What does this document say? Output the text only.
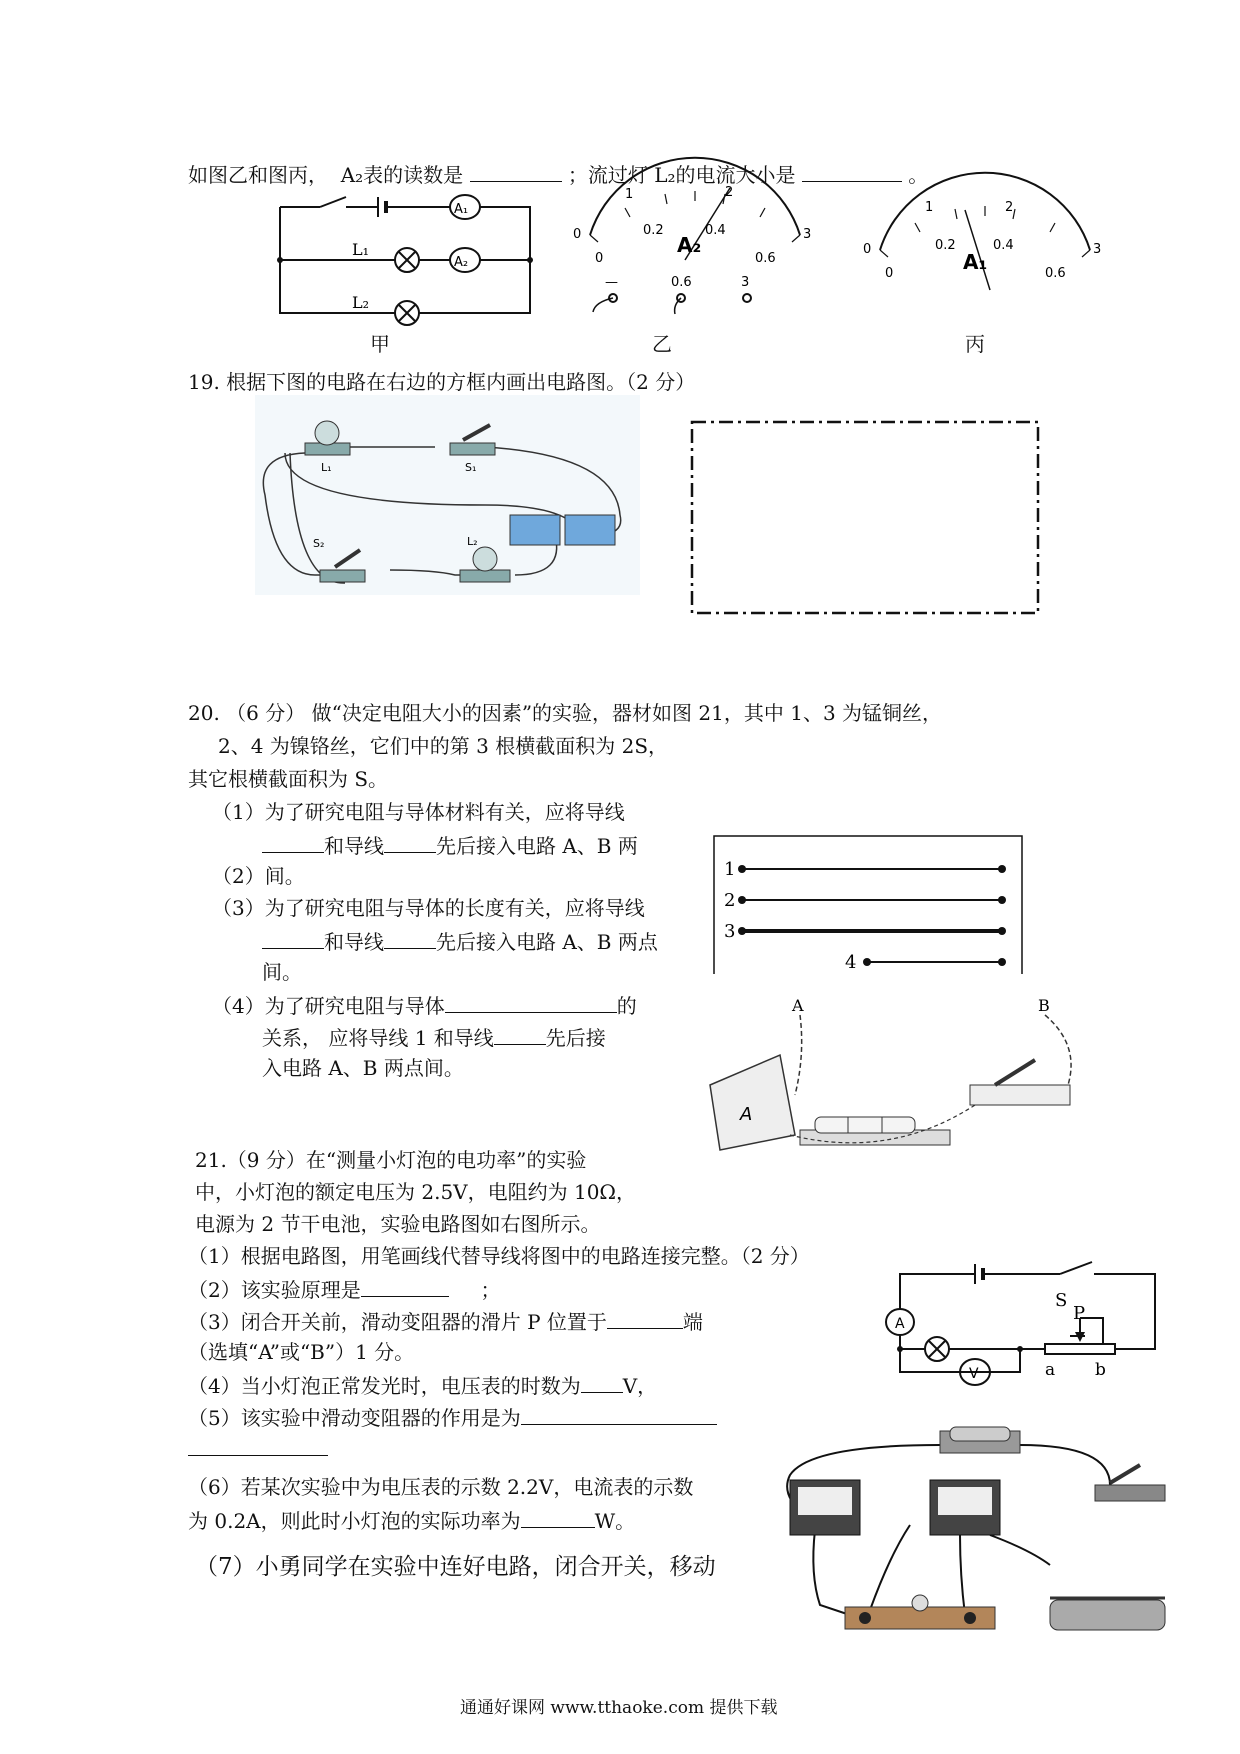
如图乙和图丙， A₂表的读数是	；流过灯 L₂的电流大小是	。
A₁
A₂
L₁
L₂
0
1	2
3
0
0.2	0.4
0.6
A₂
—	0.6	3
0
1	2
3
0
0.2	0.4
0.6
A₁
甲	乙	丙
19. 根据下图的电路在右边的方框内画出电路图。（2 分）
L₁	S₁
S₂	L₂
20. （6 分） 做“决定电阻大小的因素”的实验，器材如图 21，其中 1、3 为锰铜丝，
2、4 为镍铬丝，它们中的第 3 根横截面积为 2S，
其它根横截面积为 S。
（1）为了研究电阻与导体材料有关，应将导线
和导线	先后接入电路 A、B 两
（2）间。
（3）为了研究电阻与导体的长度有关，应将导线
和导线	先后接入电路 A、B 两点
间。
（4）为了研究电阻与导体	的
关系， 应将导线 1 和导线	先后接
入电路 A、B 两点间。
1
2
3
4
A	B
A
21.（9 分）在“测量小灯泡的电功率”的实验
中，小灯泡的额定电压为 2.5V，电阻约为 10Ω，
电源为 2 节干电池，实验电路图如右图所示。
（1）根据电路图，用笔画线代替导线将图中的电路连接完整。（2 分）
（2）该实验原理是	；
（3）闭合开关前，滑动变阻器的滑片 P 位置于	端
（选填“A”或“B”）1 分。
（4）当小灯泡正常发光时，电压表的时数为 V，
（5）该实验中滑动变阻器的作用是为
（6）若某次实验中为电压表的示数 2.2V，电流表的示数
为 0.2A，则此时小灯泡的实际功率为	W。
（7）小勇同学在实验中连好电路，闭合开关，移动
A
V
S
P
a b
通通好课网 www.tthaoke.com 提供下载
